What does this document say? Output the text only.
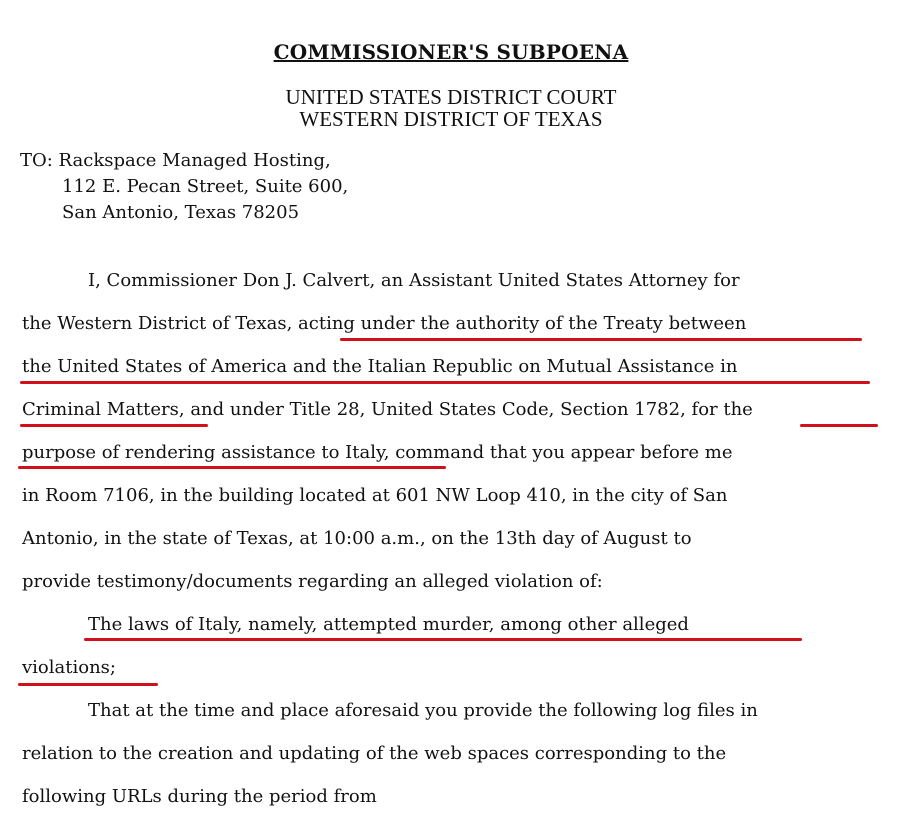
COMMISSIONER'S SUBPOENA
UNITED STATES DISTRICT COURT
WESTERN DISTRICT OF TEXAS
TO: Rackspace Managed Hosting,
112 E. Pecan Street, Suite 600,
San Antonio, Texas 78205
I, Commissioner Don J. Calvert, an Assistant United States Attorney for
the Western District of Texas, acting under the authority of the Treaty between
the United States of America and the Italian Republic on Mutual Assistance in
Criminal Matters, and under Title 28, United States Code, Section 1782, for the
purpose of rendering assistance to Italy, command that you appear before me
in Room 7106, in the building located at 601 NW Loop 410, in the city of San
Antonio, in the state of Texas, at 10:00 a.m., on the 13th day of August to
provide testimony/documents regarding an alleged violation of:
The laws of Italy, namely, attempted murder, among other alleged
violations;
That at the time and place aforesaid you provide the following log files in
relation to the creation and updating of the web spaces corresponding to the
following URLs during the period from
